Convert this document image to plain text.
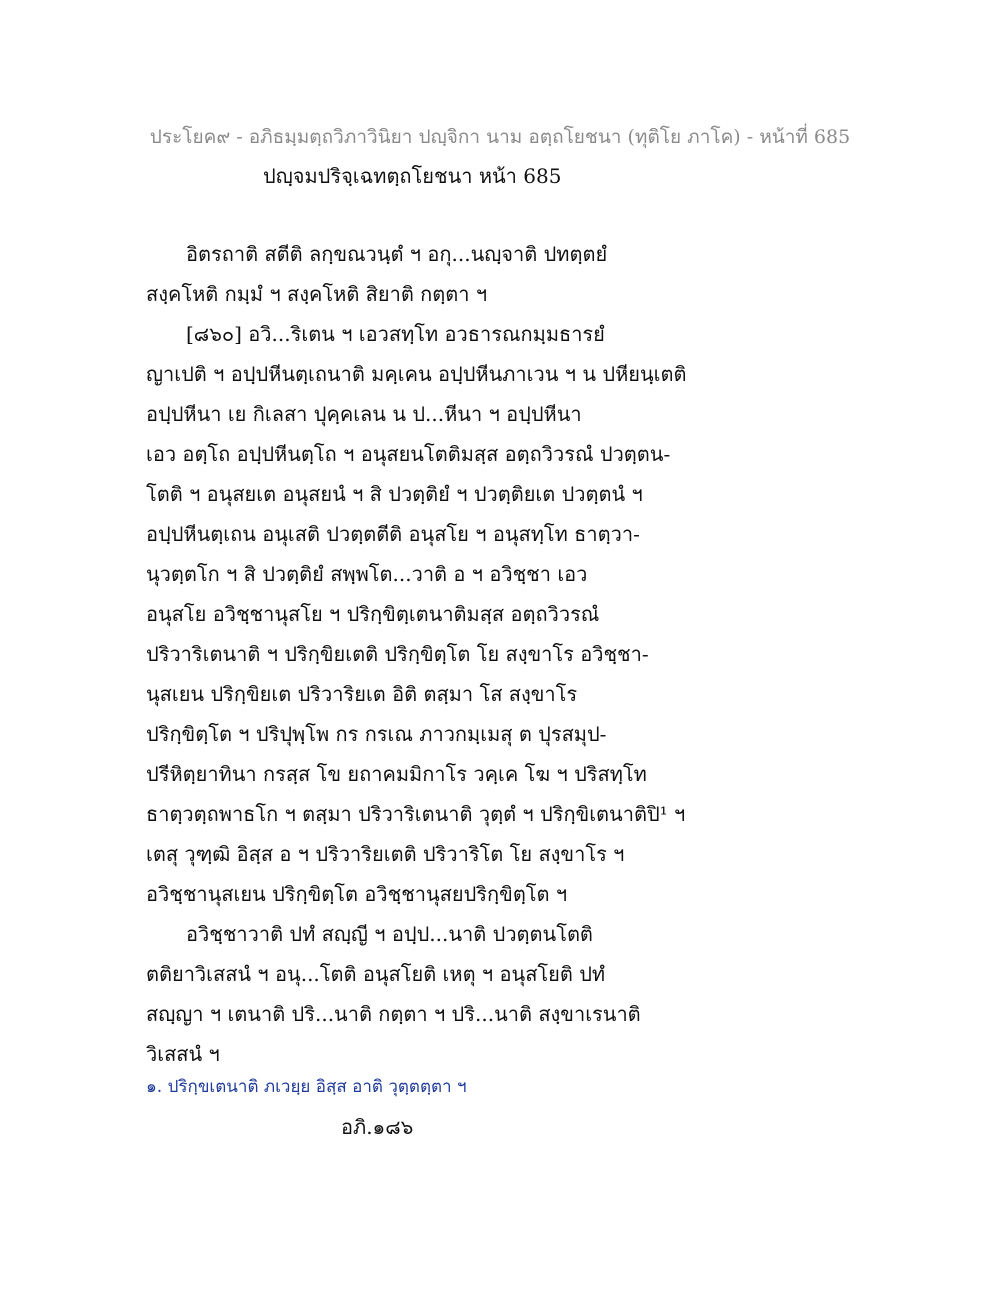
ประโยค๙ - อภิธมฺมตฺถวิภาวินิยา ปญฺจิกา นาม อตฺถโยชนา (ทุติโย ภาโค) - หน้าที่ 685
ปญฺจมปริจฺเฉทตฺถโยชนา หน้า 685
อิตรถาติ สตีติ ลกฺขณวนฺตํ ฯ อกุ...นญฺจาติ ปทตฺตยํ
สงฺคโหติ กมฺมํ ฯ สงฺคโหติ สิยาติ กตฺตา ฯ
[๘๖๐] อวิ...ริเตน ฯ เอวสทฺโท อวธารณกมฺมธารยํ
ญาเปติ ฯ อปฺปหีนตฺเถนาติ มคฺเคน อปฺปหีนภาเวน ฯ น ปหียนฺเตติ
อปฺปหีนา เย กิเลสา ปุคฺคเลน น ป...หีนา ฯ อปฺปหีนา
เอว อตฺโถ อปฺปหีนตฺโถ ฯ อนุสยนโตติมสฺส อตฺถวิวรณํ ปวตฺตน-
โตติ ฯ อนุสยเต อนุสยนํ ฯ สิ ปวตฺติยํ ฯ ปวตฺติยเต ปวตฺตนํ ฯ
อปฺปหีนตฺเถน อนุเสติ ปวตฺตตีติ อนุสโย ฯ อนุสทฺโท ธาตฺวา-
นุวตฺตโก ฯ สิ ปวตฺติยํ สพฺพโต...วาติ อ ฯ อวิชฺชา เอว
อนุสโย อวิชฺชานุสโย ฯ ปริกฺขิตฺเตนาติมสฺส อตฺถวิวรณํ
ปริวาริเตนาติ ฯ ปริกฺขิยเตติ ปริกฺขิตฺโต โย สงฺขาโร อวิชฺชา-
นุสเยน ปริกฺขิยเต ปริวาริยเต อิติ ตสฺมา โส สงฺขาโร
ปริกฺขิตฺโต ฯ ปริปุพฺโพ กร กรเณ ภาวกมฺเมสุ ต ปุรสมุป-
ปรีหิตฺยาทินา กรสฺส โข ยถาคมมิกาโร วคฺเค โฆ ฯ ปริสทฺโท
ธาตฺวตฺถพาธโก ฯ ตสฺมา ปริวาริเตนาติ วุตฺตํ ฯ ปริกฺขิเตนาติปิ¹ ฯ
เตสุ วุฑฺฒิ อิสฺส อ ฯ ปริวาริยเตติ ปริวาริโต โย สงฺขาโร ฯ
อวิชฺชานุสเยน ปริกฺขิตฺโต อวิชฺชานุสยปริกฺขิตฺโต ฯ
อวิชฺชาวาติ ปทํ สญฺญี ฯ อปฺป...นาติ ปวตฺตนโตติ
ตติยาวิเสสนํ ฯ อนุ...โตติ อนุสโยติ เหตุ ฯ อนุสโยติ ปทํ
สญฺญา ฯ เตนาติ ปริ...นาติ กตฺตา ฯ ปริ...นาติ สงฺขาเรนาติ
วิเสสนํ ฯ
๑. ปริกฺขเตนาติ ภเวยฺย อิสฺส อาติ วุตฺตตฺตา ฯ
อภิ.๑๘๖
